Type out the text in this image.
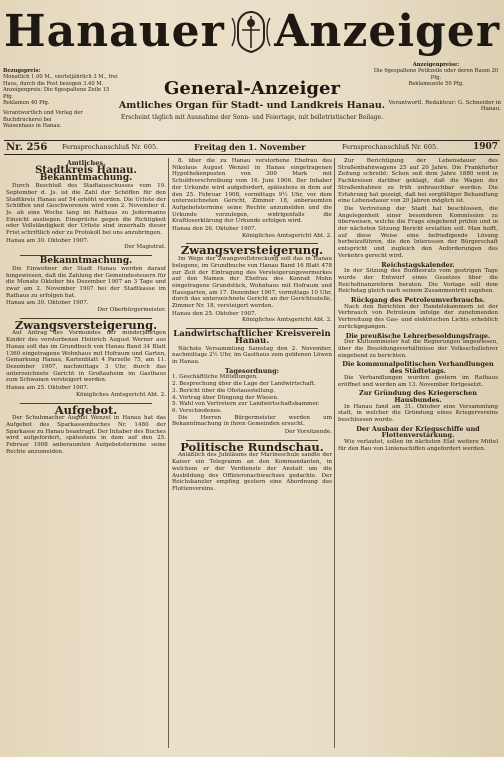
Hanauer Anzeiger
Bezugspreis:
Monatlich 1.00 M., vierteljährlich 3 M., frei
Haus, durch die Post bezogen 3.40 M.
Anzeigenpreis: Die 6gespaltene Zeile 15 Pfg.
Reklamen 40 Pfg.
Verantwortlich und Verlag der Buchdruckerei bei
Waisenhaus in Hanau.
Anzeigenpreise:
Die 6gespaltene Petitzeile oder deren Raum 20 Pfg.
Reklamezeile 50 Pfg.
Verantwortl. Redakteur: G. Schneider in Hanau.
General-Anzeiger
Amtliches Organ für Stadt- und Landkreis Hanau.
Erscheint täglich mit Ausnahme der Sonn- und Feiertage, mit belletristischer Beilage.
Nr. 256 Fernsprechanschluß Nr. 605.	Freitag den 1. November	Fernsprechanschluß Nr. 605.	1907
Amtliches.
Stadtkreis Hanau.
Bekanntmachung.

Durch Beschluß des Stadtausschusses vom 19. September d. Js. ist die Zahl der Schöffen für den Stadtkreis Hanau auf 54 erhöht worden. Die Urliste der Schöffen und Geschworenen wird vom 2. November d. Js. ab eine Woche lang im Rathaus zu Jedermanns Einsicht ausliegen. Einsprüche gegen die Richtigkeit oder Vollständigkeit der Urliste sind innerhalb dieser Frist schriftlich oder zu Protokoll bei uns anzubringen.

Hanau am 30. Oktober 1907.
Der Magistrat.
Bekanntmachung.

Die Einwohner der Stadt Hanau werden darauf hingewiesen, daß die Zahlung der Gemeindesteuern für die Monate Oktober bis Dezember 1907 an 3 Tage und zwar am 2. November 1907 bei der Stadtkasse im Rathaus zu erfolgen hat.

Hanau am 30. Oktober 1907.
Der Oberbürgermeister.
Zwangsversteigerung.

Auf Antrag des Vormundes der minderjährigen Kinder des verstorbenen Heinrich August Werner aus Hanau soll das im Grundbuch von Hanau Band 34 Blatt 1360 eingetragene Wohnhaus mit Hofraum und Garten, Gemarkung Hanau, Kartenblatt 4 Parzelle 75, am 11. Dezember 1907, nachmittags 3 Uhr, durch das unterzeichnete Gericht in Großauheim im Gasthaus zum Schwanen versteigert werden.

Hanau am 25. Oktober 1907.
Königliches Amtsgericht Abt. 2.
Aufgebot.

Der Schuhmacher August Wenzel in Hanau hat das Aufgebot des Sparkassenbuches Nr. 1480 der Sparkasse zu Hanau beantragt. Der Inhaber des Buches wird aufgefordert, spätestens in dem auf den 25. Februar 1908 anberaumten Aufgebotstermine seine Rechte anzumelden.

8. über die zu Hanau verstorbene Ehefrau des Nikolaus August Wenzel in Hanau eingetragenen Hypothekenposten von 300 Mark mit Schuldverschreibung vom 16. Juni 1906. Der Inhaber der Urkunde wird aufgefordert, spätestens in dem auf den 25. Februar 1908, vormittags 9½ Uhr, vor dem unterzeichneten Gericht, Zimmer 18, anberaumten Aufgebotstermine seine Rechte anzumelden und die Urkunde vorzulegen, widrigenfalls die Kraftloserklärung der Urkunde erfolgen wird.

Hanau den 26. Oktober 1907.
Königliches Amtsgericht Abt. 2.
Zwangsversteigerung.

Im Wege der Zwangsvollstreckung soll das in Hanau belegene, im Grundbuche von Hanau Band 16 Blatt 478 zur Zeit der Eintragung des Versteigerungsvermerkes auf den Namen der Ehefrau des Konrad Mohn eingetragene Grundstück, Wohnhaus mit Hofraum und Hausgarten, am 17. Dezember 1907, vormittags 10 Uhr, durch das unterzeichnete Gericht an der Gerichtsstelle, Zimmer Nr. 18, versteigert werden.

Hanau den 25. Oktober 1907.
Königliches Amtsgericht Abt. 2.
Landwirtschaftlicher Kreisverein Hanau.

Nächste Versammlung Samstag den 2. November, nachmittags 2½ Uhr, im Gasthaus zum goldenen Löwen in Hanau.

Tagesordnung:

1. Geschäftliche Mitteilungen.

2. Besprechung über die Lage der Landwirtschaft.

3. Bericht über die Obstausstellung.

4. Vortrag über Düngung der Wiesen.

5. Wahl von Vertretern zur Landwirtschaftskammer.

6. Verschiedenes.

Die Herren Bürgermeister werden um Bekanntmachung in ihren Gemeinden ersucht.

Der Vorsitzende.
Politische Rundschau.

Anläßlich des Jubiläums der Marineschule sandte der Kaiser ein Telegramm an den Kommandanten, in welchem er der Verdienste der Anstalt um die Ausbildung des Offiziersnachwuchses gedachte. Der Reichskanzler empfing gestern eine Abordnung des Flottenvereins.

Zur Berichtigung der Lebensdauer des Straßenbahnwagens 25 auf 20 Jahre. Die Frankfurter Zeitung schreibt: Schon seit dem Jahre 1880 wird in Fachkreisen darüber geklagt, daß die Wagen der Straßenbahnen zu früh unbrauchbar werden. Die Erfahrung hat gezeigt, daß bei sorgfältiger Behandlung eine Lebensdauer von 20 Jahren möglich ist.

Die Vertretung der Stadt hat beschlossen, die Angelegenheit einer besonderen Kommission zu überweisen, welche die Frage eingehend prüfen und in der nächsten Sitzung Bericht erstatten soll. Man hofft, auf diese Weise eine befriedigende Lösung herbeizuführen, die den Interessen der Bürgerschaft entspricht und zugleich den Anforderungen des Verkehrs gerecht wird.

Reichstagskalender.

In der Sitzung des Bundesrats vom gestrigen Tage wurde der Entwurf eines Gesetzes über die Reichsfinanzreform beraten. Die Vorlage soll dem Reichstag gleich nach seinem Zusammentritt zugehen.

Rückgang des Petroleumverbrauchs.

Nach den Berichten der Handelskammern ist der Verbrauch von Petroleum infolge der zunehmenden Verbreitung des Gas- und elektrischen Lichts erheblich zurückgegangen.

Die preußische Lehrerbesoldungsfrage.

Der Kultusminister hat die Regierungen angewiesen, über die Besoldungsverhältnisse der Volksschullehrer eingehend zu berichten.

Die kommunalpolitischen Verhandlungen des Städtetags.

Die Verhandlungen wurden gestern im Rathaus eröffnet und werden am 13. November fortgesetzt.

Zur Gründung des Kriegerschen Hausbundes.

In Hanau fand am 31. Oktober eine Versammlung statt, in welcher die Gründung eines Kriegervereins beschlossen wurde.

Der Ausbau der Kriegsschiffe und Flottenverstärkung.

Wie verlautet, sollen im nächsten Etat weitere Mittel für den Bau von Linienschiffen angefordert werden.
